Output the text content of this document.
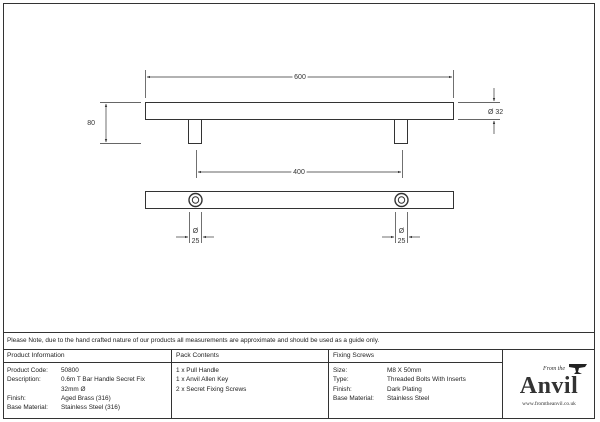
600
80
Ø 32
400
Ø
25
Ø
25
Please Note, due to the hand crafted nature of our products all measurements are approximate and should be used as a guide only.
Product Information
Product Code:	50800
Description:	0.6m T Bar Handle Secret Fix
32mm Ø
Finish:	Aged Brass (316)
Base Material:	Stainless Steel (316)
Pack Contents
1 x Pull Handle
1 x Anvil Allen Key
2 x Secret Fixing Screws
Fixing Screws
Size:	M8 X 50mm
Type:	Threaded Bolts With Inserts
Finish:	Dark Plating
Base Material:	Stainless Steel
From the
Anvil
www.fromtheanvil.co.uk
